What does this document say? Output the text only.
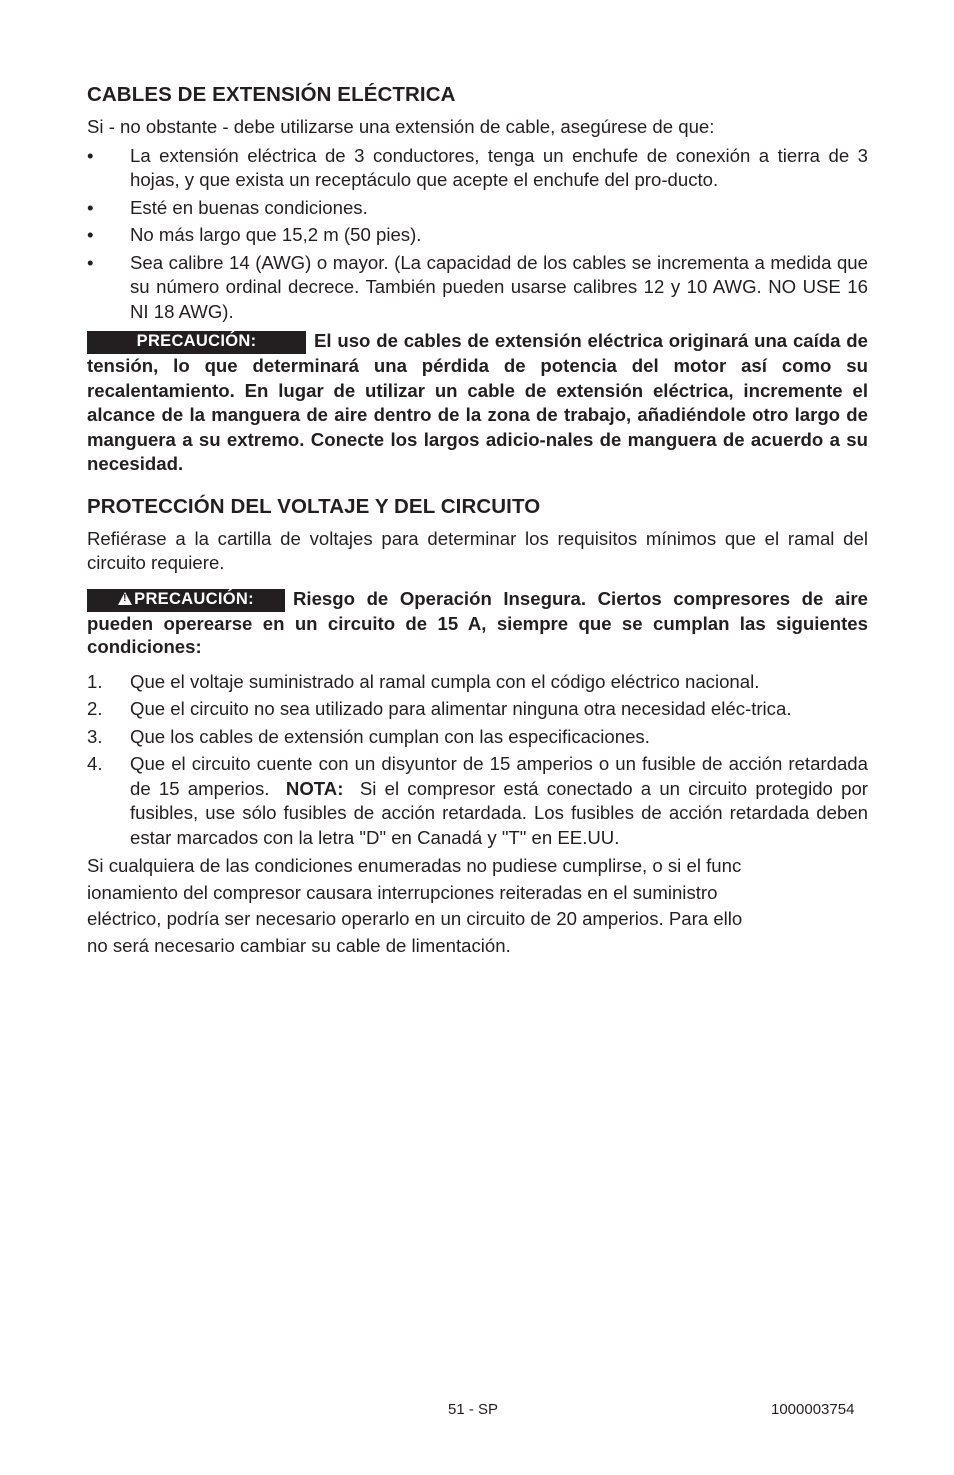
CABLES DE EXTENSIÓN ELÉCTRICA

Si - no obstante - debe utilizarse una extensión de cable, asegúrese de que:

• La extensión eléctrica de 3 conductores, tenga un enchufe de conexión a tierra de 3 hojas, y que exista un receptáculo que acepte el enchufe del pro-ducto.
• Esté en buenas condiciones.
• No más largo que 15,2 m (50 pies).
• Sea calibre 14 (AWG) o mayor. (La capacidad de los cables se incrementa a medida que su número ordinal decrece. También pueden usarse calibres 12 y 10 AWG. NO USE 16 NI 18 AWG).

PRECAUCIÓN:	El uso de cables de extensión eléctrica originará una caída de tensión, lo que determinará una pérdida de potencia del motor así como su recalentamiento. En lugar de utilizar un cable de extensión eléctrica, incremente el alcance de la manguera de aire dentro de la zona de trabajo, añadiéndole otro largo de manguera a su extremo. Conecte los largos adicio-nales de manguera de acuerdo a su necesidad.

PROTECCIÓN DEL VOLTAJE Y DEL CIRCUITO

Refiérase a la cartilla de voltajes para determinar los requisitos mínimos que el ramal del circuito requiere.

!PRECAUCIÓN: Riesgo de Operación Insegura. Ciertos compresores de aire pueden operearse en un circuito de 15 A, siempre que se cumplan las siguientes condiciones:

1. Que el voltaje suministrado al ramal cumpla con el código eléctrico nacional.
2. Que el circuito no sea utilizado para alimentar ninguna otra necesidad eléc-trica.
3. Que los cables de extensión cumplan con las especificaciones.
4. Que el circuito cuente con un disyuntor de 15 amperios o un fusible de acción retardada de 15 amperios. NOTA: Si el compresor está conectado a un circuito protegido por fusibles, use sólo fusibles de acción retardada. Los fusibles de acción retardada deben estar marcados con la letra "D" en Canadá y "T" en EE.UU.
Si cualquiera de las condiciones enumeradas no pudiese cumplirse, o si el func
ionamiento del compresor causara interrupciones reiteradas en el suministro
eléctrico, podría ser necesario operarlo en un circuito de 20 amperios. Para ello
no será necesario cambiar su cable de limentación.
51 - SP	1000003754
